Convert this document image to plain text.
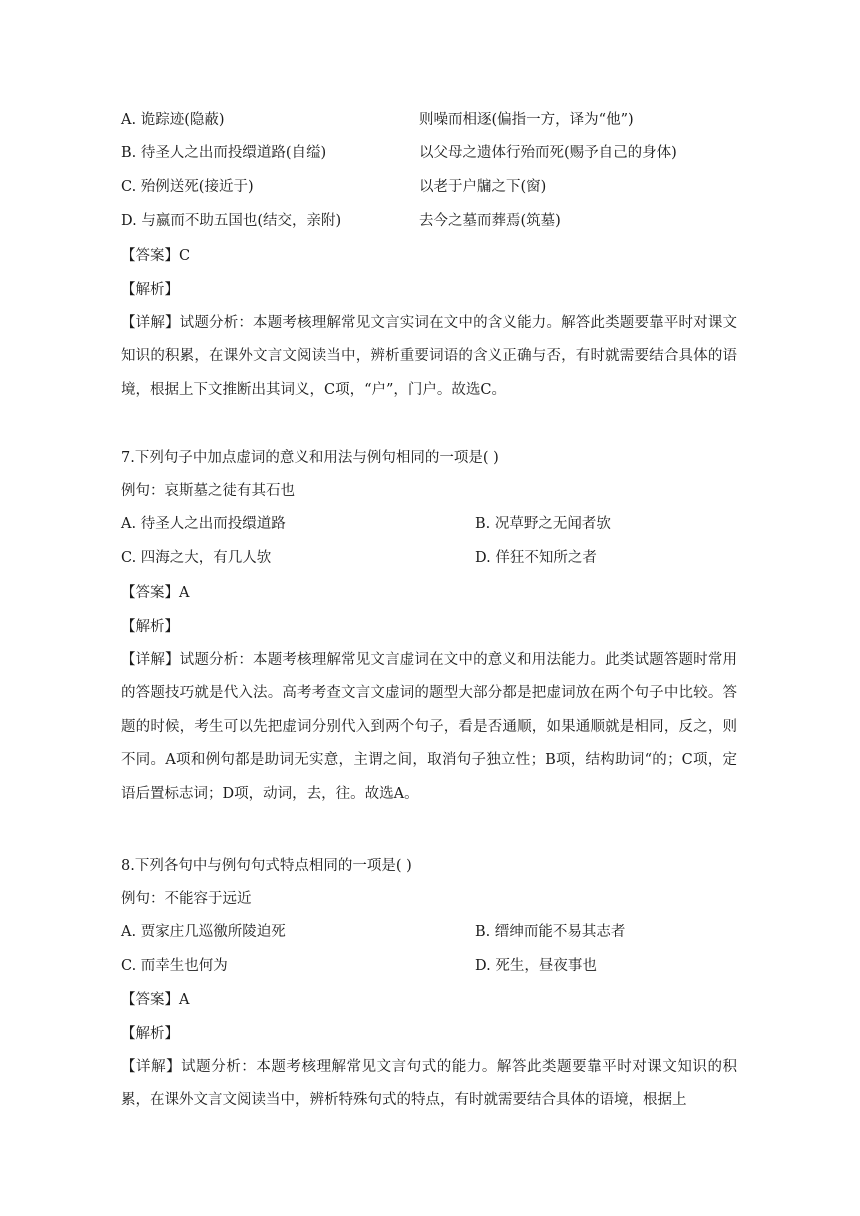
A. 诡踪迹(隐蔽)	则噪而相逐(偏指一方，译为“他”)
B. 待圣人之出而投缳道路(自缢)	以父母之遗体行殆而死(赐予自己的身体)
C. 殆例送死(接近于)	以老于户牖之下(窗)
D. 与嬴而不助五国也(结交，亲附)	去今之墓而葬焉(筑墓)
【答案】C
【解析】
【详解】试题分析：本题考核理解常见文言实词在文中的含义能力。解答此类题要靠平时对课文知识的积累，在课外文言文阅读当中，辨析重要词语的含义正确与否，有时就需要结合具体的语境，根据上下文推断出其词义，C项，“户”，门户。故选C。
7.下列句子中加点虚词的意义和用法与例句相同的一项是( )
例句：哀斯墓之徒有其石也
A. 待圣人之出而投缳道路	B. 况草野之无闻者欤
C. 四海之大，有几人欤	D. 佯狂不知所之者
【答案】A
【解析】
【详解】试题分析：本题考核理解常见文言虚词在文中的意义和用法能力。此类试题答题时常用的答题技巧就是代入法。高考考查文言文虚词的题型大部分都是把虚词放在两个句子中比较。答题的时候，考生可以先把虚词分别代入到两个句子，看是否通顺，如果通顺就是相同，反之，则不同。A项和例句都是助词无实意，主谓之间，取消句子独立性；B项，结构助词“的；C项，定语后置标志词；D项，动词，去，往。故选A。
8.下列各句中与例句句式特点相同的一项是( )
例句：不能容于远近
A. 贾家庄几巡徼所陵迫死	B. 缙绅而能不易其志者
C. 而幸生也何为	D. 死生，昼夜事也
【答案】A
【解析】
【详解】试题分析：本题考核理解常见文言句式的能力。解答此类题要靠平时对课文知识的积累，在课外文言文阅读当中，辨析特殊句式的特点，有时就需要结合具体的语境，根据上
